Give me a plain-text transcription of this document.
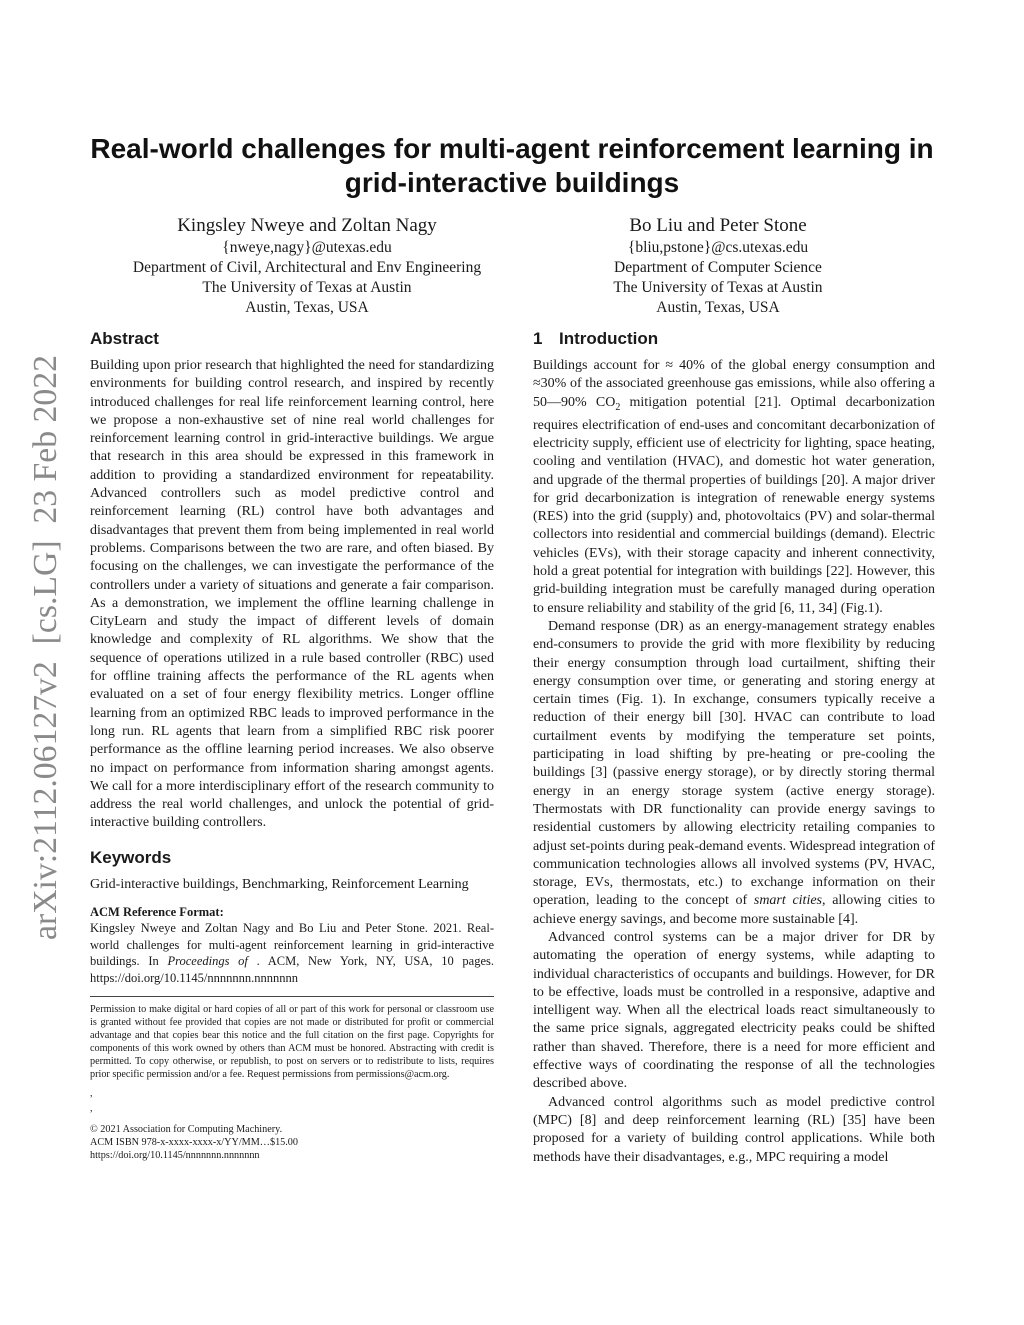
Real-world challenges for multi-agent reinforcement learning in
grid-interactive buildings
Kingsley Nweye and Zoltan Nagy
{nweye,nagy}@utexas.edu
Department of Civil, Architectural and Env Engineering
The University of Texas at Austin
Austin, Texas, USA
Bo Liu and Peter Stone
{bliu,pstone}@cs.utexas.edu
Department of Computer Science
The University of Texas at Austin
Austin, Texas, USA
arXiv:2112.06127v2  [cs.LG]  23 Feb 2022
Abstract

Building upon prior research that highlighted the need for standardizing environments for building control research, and inspired by recently introduced challenges for real life reinforcement learning control, here we propose a non-exhaustive set of nine real world challenges for reinforcement learning control in grid-interactive buildings. We argue that research in this area should be expressed in this framework in addition to providing a standardized environment for repeatability. Advanced controllers such as model predictive control and reinforcement learning (RL) control have both advantages and disadvantages that prevent them from being implemented in real world problems. Comparisons between the two are rare, and often biased. By focusing on the challenges, we can investigate the performance of the controllers under a variety of situations and generate a fair comparison. As a demonstration, we implement the offline learning challenge in CityLearn and study the impact of different levels of domain knowledge and complexity of RL algorithms. We show that the sequence of operations utilized in a rule based controller (RBC) used for offline training affects the performance of the RL agents when evaluated on a set of four energy flexibility metrics. Longer offline learning from an optimized RBC leads to improved performance in the long run. RL agents that learn from a simplified RBC risk poorer performance as the offline learning period increases. We also observe no impact on performance from information sharing amongst agents. We call for a more interdisciplinary effort of the research community to address the real world challenges, and unlock the potential of grid-interactive building controllers.

Keywords

Grid-interactive buildings, Benchmarking, Reinforcement Learning

ACM Reference Format:

Kingsley Nweye and Zoltan Nagy and Bo Liu and Peter Stone. 2021. Real-world challenges for multi-agent reinforcement learning in grid-interactive buildings. In Proceedings of . ACM, New York, NY, USA, 10 pages. https://doi.org/10.1145/nnnnnnn.nnnnnnn

Permission to make digital or hard copies of all or part of this work for personal or classroom use is granted without fee provided that copies are not made or distributed for profit or commercial advantage and that copies bear this notice and the full citation on the first page. Copyrights for components of this work owned by others than ACM must be honored. Abstracting with credit is permitted. To copy otherwise, or republish, to post on servers or to redistribute to lists, requires prior specific permission and/or a fee. Request permissions from permissions@acm.org.

,
,
© 2021 Association for Computing Machinery.
ACM ISBN 978-x-xxxx-xxxx-x/YY/MM…$15.00
https://doi.org/10.1145/nnnnnnn.nnnnnnn
1 Introduction

Buildings account for ≈ 40% of the global energy consumption and ≈30% of the associated greenhouse gas emissions, while also offering a 50—90% $CO_2$ mitigation potential [21]. Optimal decarbonization requires electrification of end-uses and concomitant decarbonization of electricity supply, efficient use of electricity for lighting, space heating, cooling and ventilation (HVAC), and domestic hot water generation, and upgrade of the thermal properties of buildings [20]. A major driver for grid decarbonization is integration of renewable energy systems (RES) into the grid (supply) and, photovoltaics (PV) and solar-thermal collectors into residential and commercial buildings (demand). Electric vehicles (EVs), with their storage capacity and inherent connectivity, hold a great potential for integration with buildings [22]. However, this grid-building integration must be carefully managed during operation to ensure reliability and stability of the grid [6, 11, 34] (Fig.1).

Demand response (DR) as an energy-management strategy enables end-consumers to provide the grid with more flexibility by reducing their energy consumption through load curtailment, shifting their energy consumption over time, or generating and storing energy at certain times (Fig. 1). In exchange, consumers typically receive a reduction of their energy bill [30]. HVAC can contribute to load curtailment events by modifying the temperature set points, participating in load shifting by pre-heating or pre-cooling the buildings [3] (passive energy storage), or by directly storing thermal energy in an energy storage system (active energy storage). Thermostats with DR functionality can provide energy savings to residential customers by allowing electricity retailing companies to adjust set-points during peak-demand events. Widespread integration of communication technologies allows all involved systems (PV, HVAC, storage, EVs, thermostats, etc.) to exchange information on their operation, leading to the concept of smart cities, allowing cities to achieve energy savings, and become more sustainable [4].

Advanced control systems can be a major driver for DR by automating the operation of energy systems, while adapting to individual characteristics of occupants and buildings. However, for DR to be effective, loads must be controlled in a responsive, adaptive and intelligent way. When all the electrical loads react simultaneously to the same price signals, aggregated electricity peaks could be shifted rather than shaved. Therefore, there is a need for more efficient and effective ways of coordinating the response of all the technologies described above.

Advanced control algorithms such as model predictive control (MPC) [8] and deep reinforcement learning (RL) [35] have been proposed for a variety of building control applications. While both methods have their disadvantages, e.g., MPC requiring a model
